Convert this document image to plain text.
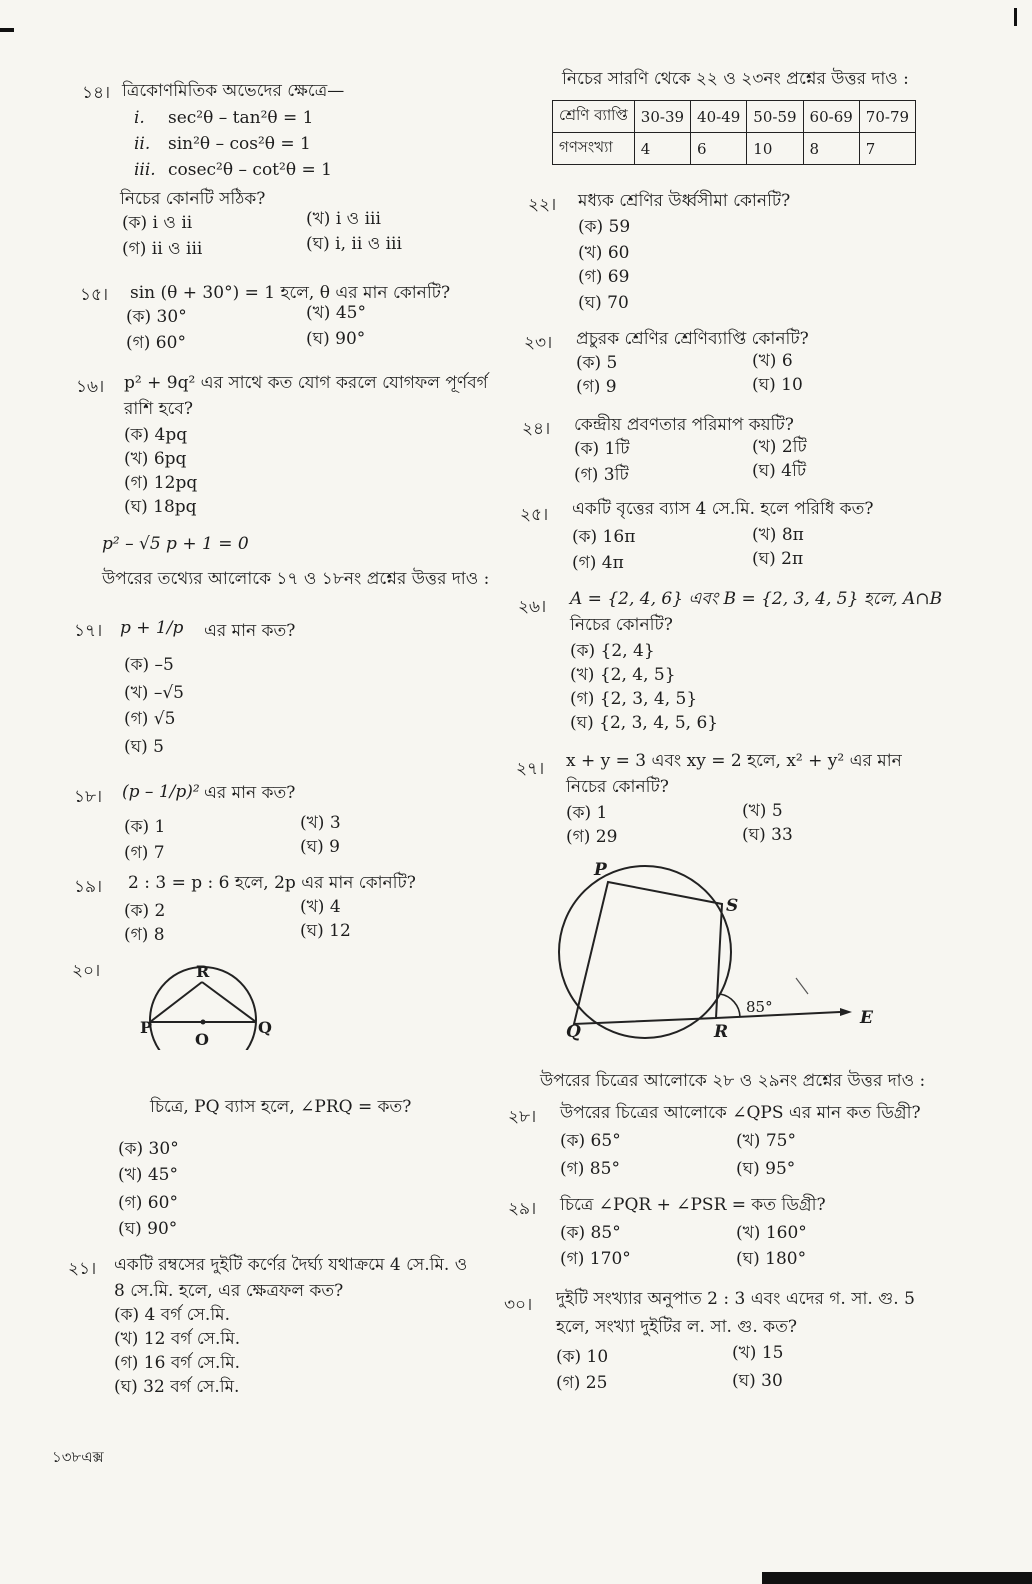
১৪। ত্রিকোণমিতিক অভেদের ক্ষেত্রে—
i. sec²θ – tan²θ = 1
ii. sin²θ – cos²θ = 1
iii. cosec²θ – cot²θ = 1
নিচের কোনটি সঠিক?
(ক) i ও ii	(খ) i ও iii
(গ) ii ও iii	(ঘ) i, ii ও iii
১৫। sin (θ + 30°) = 1 হলে, θ এর মান কোনটি?
(ক) 30°	(খ) 45°
(গ) 60°	(ঘ) 90°
১৬। p² + 9q² এর সাথে কত যোগ করলে যোগফল পূর্ণবর্গ
রাশি হবে?
(ক) 4pq
(খ) 6pq
(গ) 12pq
(ঘ) 18pq
p² – √5 p + 1 = 0
উপরের তথ্যের আলোকে ১৭ ও ১৮নং প্রশ্নের উত্তর দাও :
১৭। p + 1/p এর মান কত?
(ক) –5
(খ) –√5
(গ) √5
(ঘ) 5
১৮। (p – 1/p)² এর মান কত?
(ক) 1	(খ) 3
(গ) 7	(ঘ) 9
১৯। 2 : 3 = p : 6 হলে, 2p এর মান কোনটি?
(ক) 2	(খ) 4
(গ) 8	(ঘ) 12
২০।	R
P
O
Q
চিত্রে, PQ ব্যাস হলে, ∠PRQ = কত?
(ক) 30°
(খ) 45°
(গ) 60°
(ঘ) 90°
২১। একটি রম্বসের দুইটি কর্ণের দৈর্ঘ্য যথাক্রমে 4 সে.মি. ও
8 সে.মি. হলে, এর ক্ষেত্রফল কত?
(ক) 4 বর্গ সে.মি.
(খ) 12 বর্গ সে.মি.
(গ) 16 বর্গ সে.মি.
(ঘ) 32 বর্গ সে.মি.
১৩৮এক্স
নিচের সারণি থেকে ২২ ও ২৩নং প্রশ্নের উত্তর দাও :
শ্রেণি ব্যাপ্তি	30-39	40-49	50-59	60-69	70-79
গণসংখ্যা	4	6	10	8	7
২২। মধ্যক শ্রেণির উর্ধ্বসীমা কোনটি?
(ক) 59
(খ) 60
(গ) 69
(ঘ) 70
২৩। প্রচুরক শ্রেণির শ্রেণিব্যাপ্তি কোনটি?
(ক) 5	(খ) 6
(গ) 9	(ঘ) 10
২৪। কেন্দ্রীয় প্রবণতার পরিমাপ কয়টি?
(ক) 1টি	(খ) 2টি
(গ) 3টি	(ঘ) 4টি
২৫। একটি বৃত্তের ব্যাস 4 সে.মি. হলে পরিধি কত?
(ক) 16π	(খ) 8π
(গ) 4π	(ঘ) 2π
২৬। A = {2, 4, 6} এবং B = {2, 3, 4, 5} হলে, A∩B
নিচের কোনটি?
(ক) {2, 4}
(খ) {2, 4, 5}
(গ) {2, 3, 4, 5}
(ঘ) {2, 3, 4, 5, 6}
২৭। x + y = 3 এবং xy = 2 হলে, x² + y² এর মান
নিচের কোনটি?
(ক) 1	(খ) 5
(গ) 29	(ঘ) 33
P
S
Q	R
E
85°
উপরের চিত্রের আলোকে ২৮ ও ২৯নং প্রশ্নের উত্তর দাও :
২৮। উপরের চিত্রের আলোকে ∠QPS এর মান কত ডিগ্রী?
(ক) 65°	(খ) 75°
(গ) 85°	(ঘ) 95°
২৯। চিত্রে ∠PQR + ∠PSR = কত ডিগ্রী?
(ক) 85°	(খ) 160°
(গ) 170°	(ঘ) 180°
৩০। দুইটি সংখ্যার অনুপাত 2 : 3 এবং এদের গ. সা. গু. 5
হলে, সংখ্যা দুইটির ল. সা. গু. কত?
(ক) 10	(খ) 15
(গ) 25	(ঘ) 30
